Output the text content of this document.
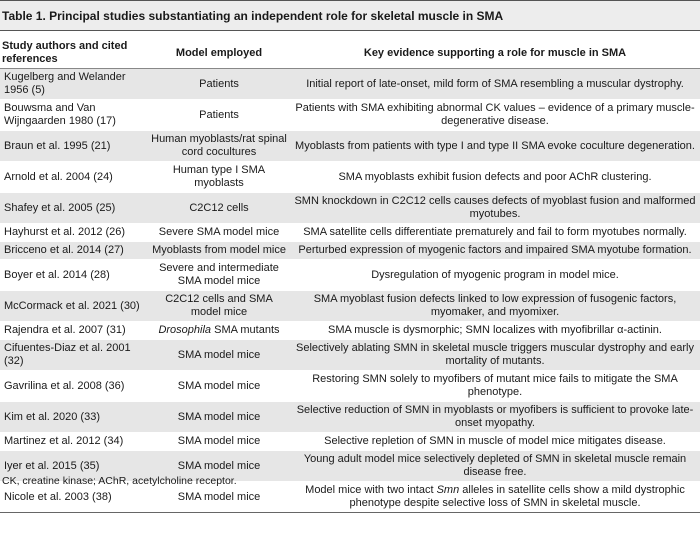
Table 1. Principal studies substantiating an independent role for skeletal muscle in SMA
Study authors and cited references	Model employed	Key evidence supporting a role for muscle in SMA
Kugelberg and Welander 1956 (5)	Patients	Initial report of late-onset, mild form of SMA resembling a muscular dystrophy.
Bouwsma and Van Wijngaarden 1980 (17)	Patients	Patients with SMA exhibiting abnormal CK values – evidence of a primary muscle-degenerative disease.
Braun et al. 1995 (21)	Human myoblasts/rat spinal cord cocultures	Myoblasts from patients with type I and type II SMA evoke coculture degeneration.
Arnold et al. 2004 (24)	Human type I SMA myoblasts	SMA myoblasts exhibit fusion defects and poor AChR clustering.
Shafey et al. 2005 (25)	C2C12 cells	SMN knockdown in C2C12 cells causes defects of myoblast fusion and malformed myotubes.
Hayhurst et al. 2012 (26)	Severe SMA model mice	SMA satellite cells differentiate prematurely and fail to form myotubes normally.
Bricceno et al. 2014 (27)	Myoblasts from model mice	Perturbed expression of myogenic factors and impaired SMA myotube formation.
Boyer et al. 2014 (28)	Severe and intermediate SMA model mice	Dysregulation of myogenic program in model mice.
McCormack et al. 2021 (30)	C2C12 cells and SMA model mice	SMA myoblast fusion defects linked to low expression of fusogenic factors, myomaker, and myomixer.
Rajendra et al. 2007 (31)	Drosophila SMA mutants	SMA muscle is dysmorphic; SMN localizes with myofibrillar α-actinin.
Cifuentes-Diaz et al. 2001 (32)	SMA model mice	Selectively ablating SMN in skeletal muscle triggers muscular dystrophy and early mortality of mutants.
Gavrilina et al. 2008 (36)	SMA model mice	Restoring SMN solely to myofibers of mutant mice fails to mitigate the SMA phenotype.
Kim et al. 2020 (33)	SMA model mice	Selective reduction of SMN in myoblasts or myofibers is sufficient to provoke late-onset myopathy.
Martinez et al. 2012 (34)	SMA model mice	Selective repletion of SMN in muscle of model mice mitigates disease.
Iyer et al. 2015 (35)	SMA model mice	Young adult model mice selectively depleted of SMN in skeletal muscle remain disease free.
Nicole et al. 2003 (38)	SMA model mice	Model mice with two intact Smn alleles in satellite cells show a mild dystrophic phenotype despite selective loss of SMN in skeletal muscle.
CK, creatine kinase; AChR, acetylcholine receptor.
